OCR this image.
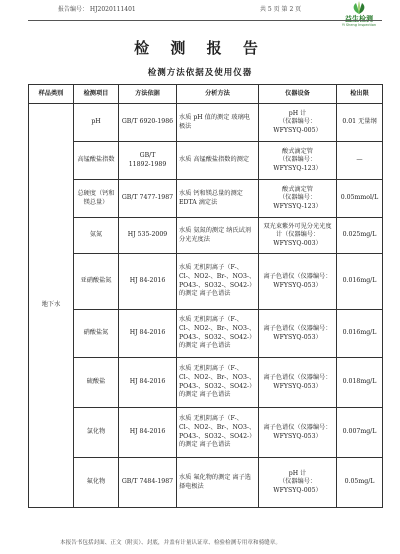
报告编号： HJ2020111401	共 5 页 第 2 页
益生检测
Yi Sheng Inspection
检 测 报 告
检测方法依据及使用仪器
样品类别	检测项目	方法依据	分析方法	仪器设备	检出限
地下水	pH	GB/T 6920-1986	水质 pH 值的测定 玻璃电极法	pH 计
（仪器编号：
WFYSYQ-005）	0.01 无量纲
	高锰酸盐指数	GB/T
11892-1989	水质 高锰酸盐指数的测定	酸式滴定管
（仪器编号：
WFYSYQ-123）	—
	总硬度（钙和镁总量）	GB/T 7477-1987	水质 钙和镁总量的测定 EDTA 滴定法	酸式滴定管
（仪器编号：
WFYSYQ-123）	0.05mmol/L
	氨氮	HJ 535-2009	水质 氨氮的测定 纳氏试剂分光光度法	双光束紫外可见分光光度计（仪器编号：
WFYSYQ-003）	0.025mg/L
	亚硝酸盐氮	HJ 84-2016	水质 无机阴离子（F-、Cl-、NO2-、Br-、NO3-、PO43-、SO32-、SO42-）的测定 离子色谱法	离子色谱仪（仪器编号：
WFYSYQ-053）	0.016mg/L
	硝酸盐氮	HJ 84-2016	水质 无机阴离子（F-、Cl-、NO2-、Br-、NO3-、PO43-、SO32-、SO42-）的测定 离子色谱法	离子色谱仪（仪器编号：
WFYSYQ-053）	0.016mg/L
	硫酸盐	HJ 84-2016	水质 无机阴离子（F-、Cl-、NO2-、Br-、NO3-、PO43-、SO32-、SO42-）的测定 离子色谱法	离子色谱仪（仪器编号：
WFYSYQ-053）	0.018mg/L
	氯化物	HJ 84-2016	水质 无机阴离子（F-、Cl-、NO2-、Br-、NO3-、PO43-、SO32-、SO42-）的测定 离子色谱法	离子色谱仪（仪器编号：
WFYSYQ-053）	0.007mg/L
	氟化物	GB/T 7484-1987	水质 氟化物的测定 离子选择电极法	pH 计
（仪器编号：
WFYSYQ-005）	0.05mg/L
本报告书包括封面、正文（附页）、封底，并盖有计量认证章、检验检测专用章和骑缝章。
